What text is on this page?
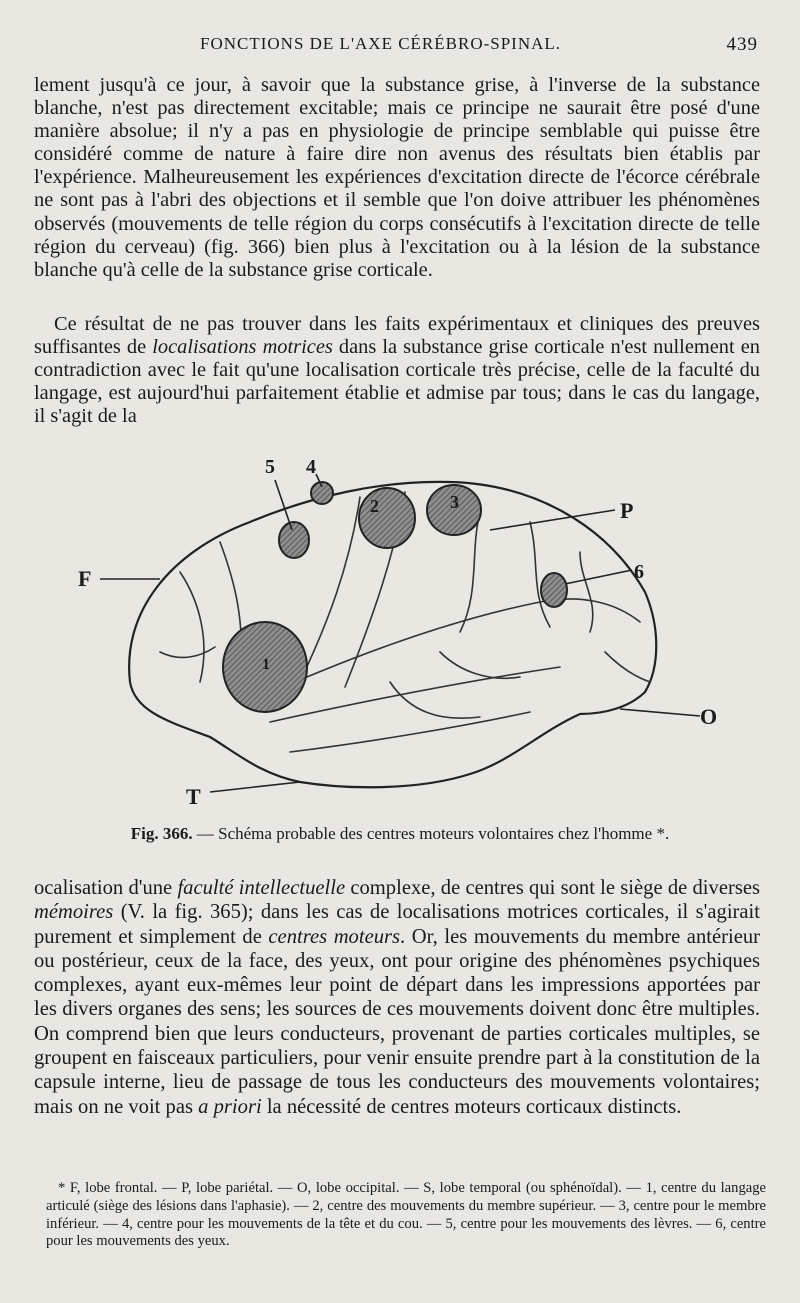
FONCTIONS DE L'AXE CÉRÉBRO-SPINAL.	439

lement jusqu'à ce jour, à savoir que la substance grise, à l'inverse de la substance blanche, n'est pas directement excitable; mais ce principe ne saurait être posé d'une manière absolue; il n'y a pas en physiologie de principe semblable qui puisse être considéré comme de nature à faire dire non avenus des résultats bien établis par l'expérience. Malheureusement les expériences d'excitation directe de l'écorce cérébrale ne sont pas à l'abri des objections et il semble que l'on doive attribuer les phénomènes observés (mouvements de telle région du corps consécutifs à l'excitation directe de telle région du cerveau) (fig. 366) bien plus à l'excitation ou à la lésion de la substance blanche qu'à celle de la substance grise corticale.

Ce résultat de ne pas trouver dans les faits expérimentaux et cliniques des preuves suffisantes de localisations motrices dans la substance grise corticale n'est nullement en contradiction avec le fait qu'une localisation corticale très précise, celle de la faculté du langage, est aujourd'hui parfaitement établie et admise par tous; dans le cas du langage, il s'agit de la

F
P
O
T
1
2	3
4
5
6
Fig. 366. — Schéma probable des centres moteurs volontaires chez l'homme *.

ocalisation d'une faculté intellectuelle complexe, de centres qui sont le siège de diverses mémoires (V. la fig. 365); dans les cas de localisations motrices corticales, il s'agirait purement et simplement de centres moteurs. Or, les mouvements du membre antérieur ou postérieur, ceux de la face, des yeux, ont pour origine des phénomènes psychiques complexes, ayant eux-mêmes leur point de départ dans les impressions apportées par les divers organes des sens; les sources de ces mouvements doivent donc être multiples. On comprend bien que leurs conducteurs, provenant de parties corticales multiples, se groupent en faisceaux particuliers, pour venir ensuite prendre part à la constitution de la capsule interne, lieu de passage de tous les conducteurs des mouvements volontaires; mais on ne voit pas a priori la nécessité de centres moteurs corticaux distincts.

* F, lobe frontal. — P, lobe pariétal. — O, lobe occipital. — S, lobe temporal (ou sphénoïdal). — 1, centre du langage articulé (siège des lésions dans l'aphasie). — 2, centre des mouvements du membre supérieur. — 3, centre pour le membre inférieur. — 4, centre pour les mouvements de la tête et du cou. — 5, centre pour les mouvements des lèvres. — 6, centre pour les mouvements des yeux.
